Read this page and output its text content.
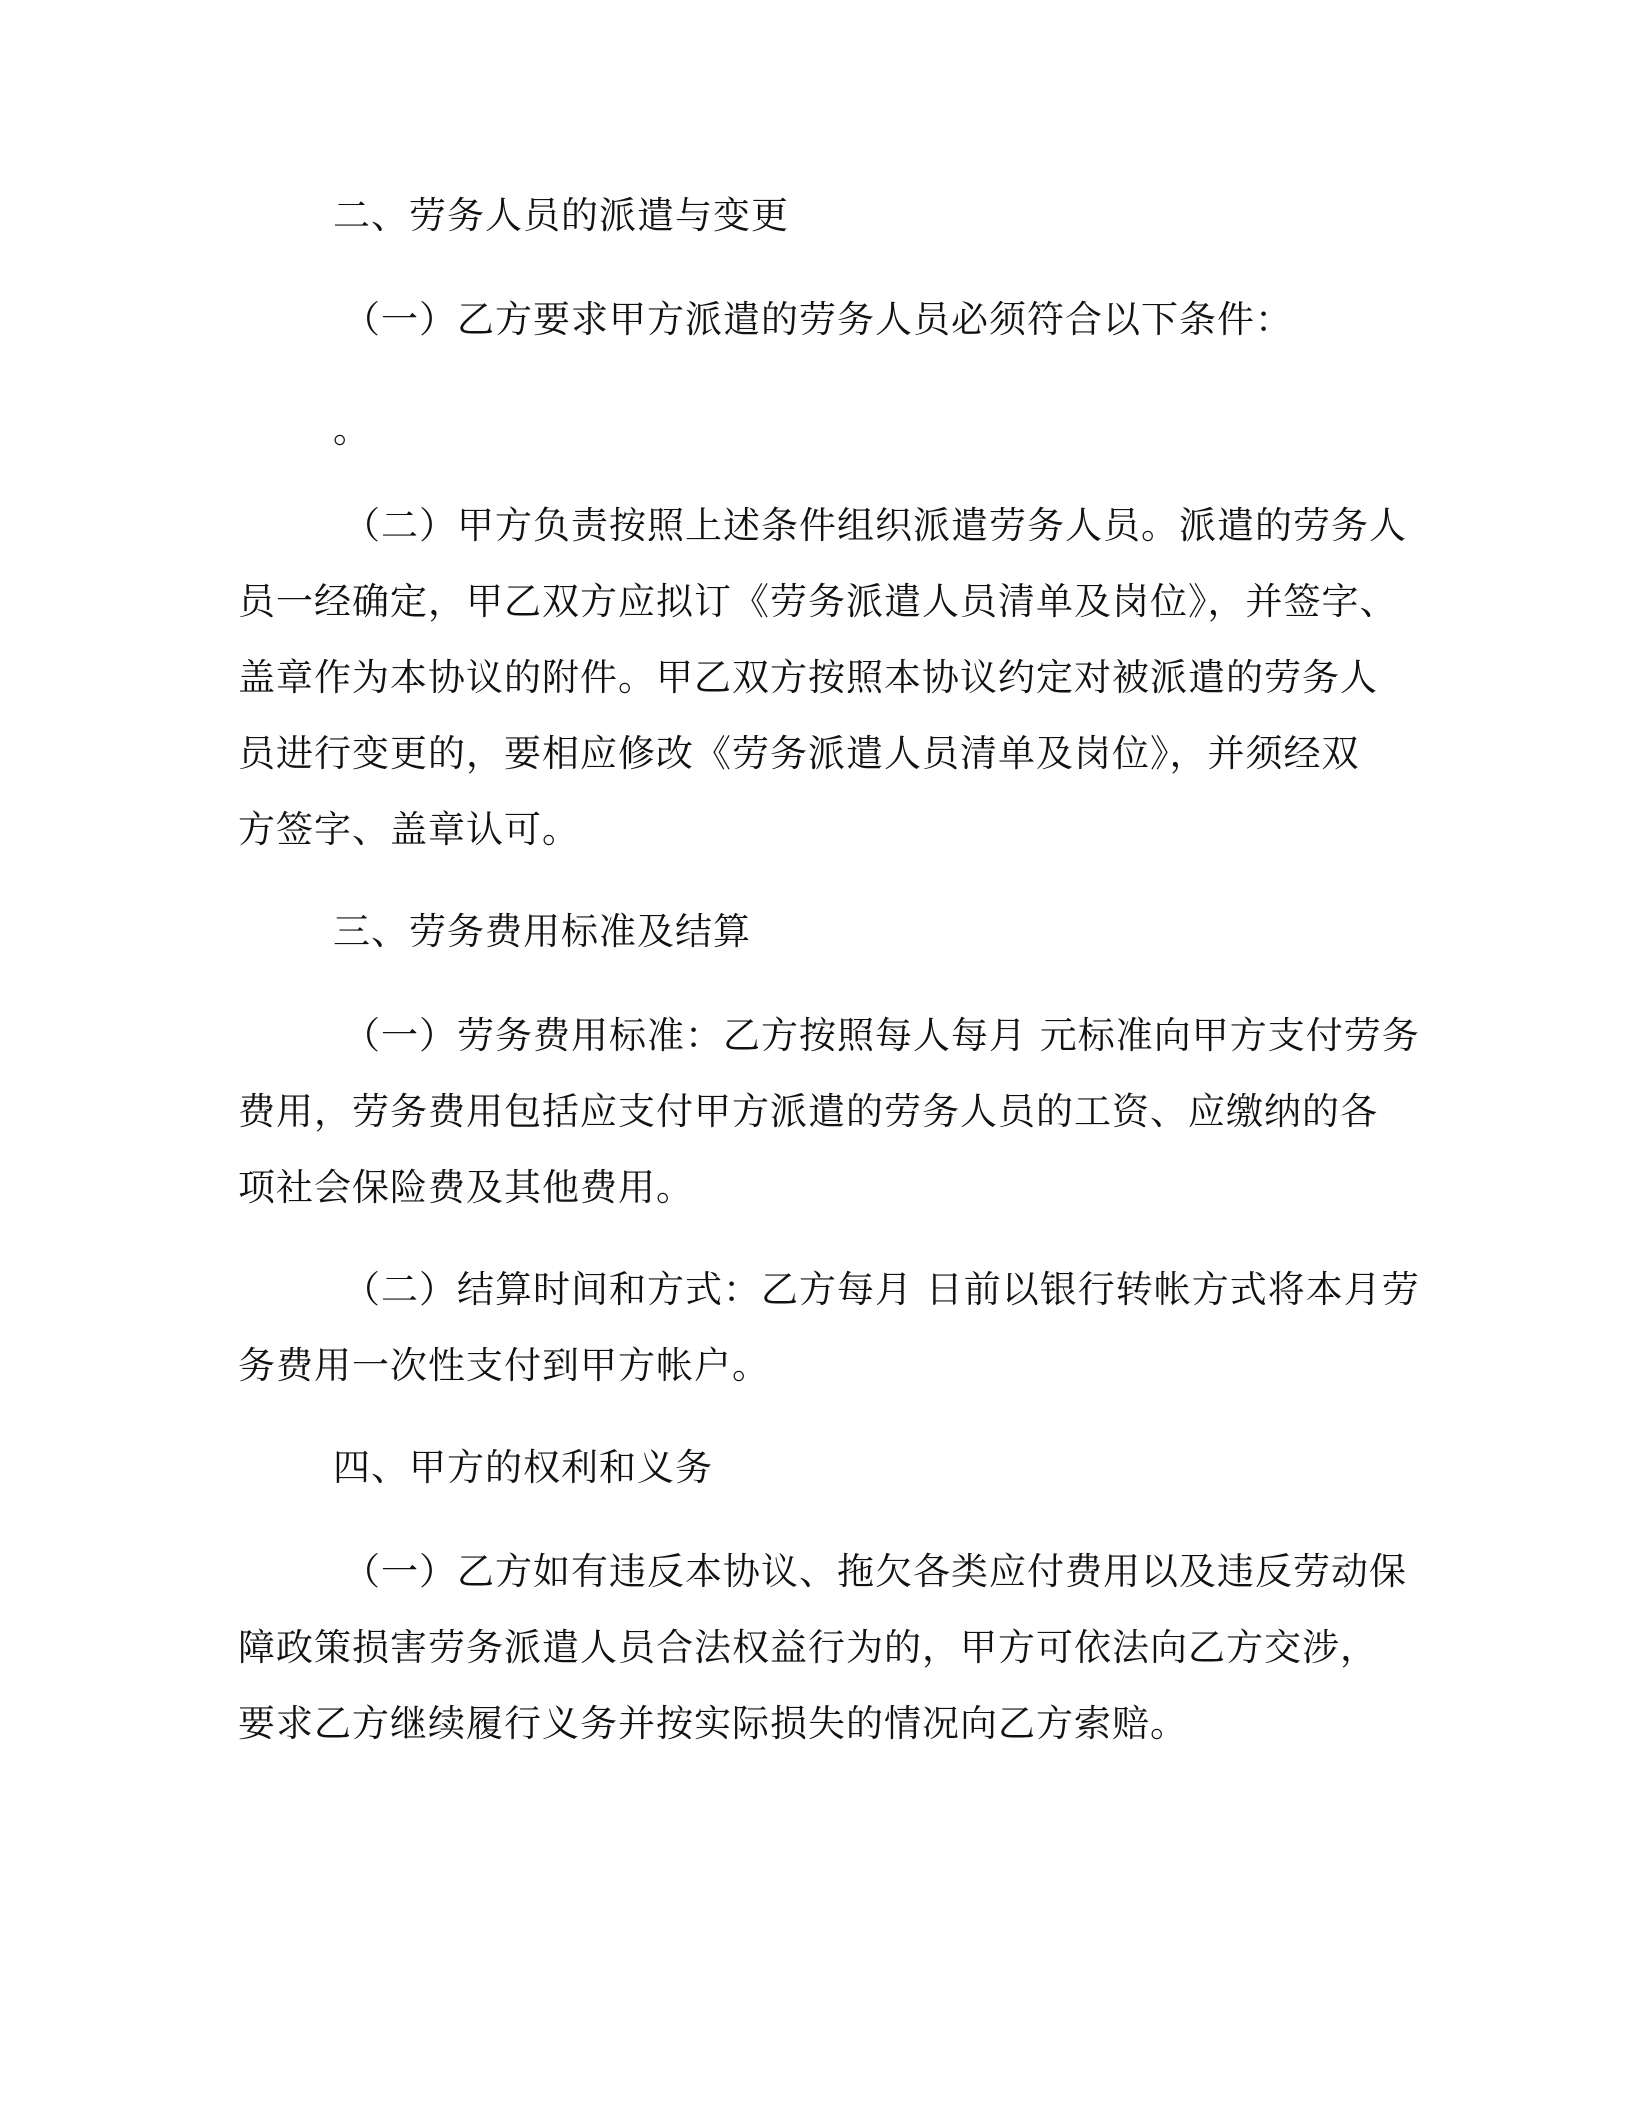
二、劳务人员的派遣与变更

（一）乙方要求甲方派遣的劳务人员必须符合以下条件：

。

（二）甲方负责按照上述条件组织派遣劳务人员。派遣的劳务人

员一经确定，甲乙双方应拟订《劳务派遣人员清单及岗位》，并签字、

盖章作为本协议的附件。甲乙双方按照本协议约定对被派遣的劳务人

员进行变更的，要相应修改《劳务派遣人员清单及岗位》，并须经双

方签字、盖章认可。

三、劳务费用标准及结算

（一）劳务费用标准：乙方按照每人每月 元标准向甲方支付劳务

费用，劳务费用包括应支付甲方派遣的劳务人员的工资、应缴纳的各

项社会保险费及其他费用。

（二）结算时间和方式：乙方每月 日前以银行转帐方式将本月劳

务费用一次性支付到甲方帐户。

四、甲方的权利和义务

（一）乙方如有违反本协议、拖欠各类应付费用以及违反劳动保

障政策损害劳务派遣人员合法权益行为的，甲方可依法向乙方交涉，

要求乙方继续履行义务并按实际损失的情况向乙方索赔。
